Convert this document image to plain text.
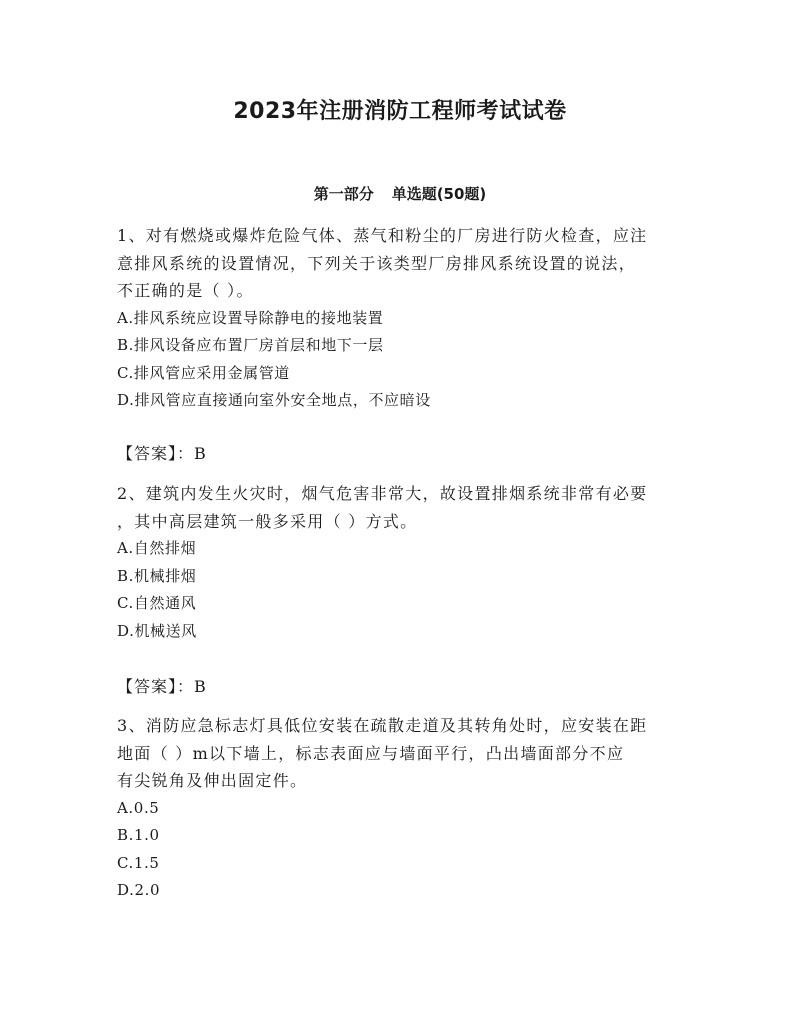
2023年注册消防工程师考试试卷
第一部分 单选题(50题)
1、对有燃烧或爆炸危险气体、蒸气和粉尘的厂房进行防火检查，应注
意排风系统的设置情况，下列关于该类型厂房排风系统设置的说法，
不正确的是（ ）。
A.排风系统应设置导除静电的接地装置
B.排风设备应布置厂房首层和地下一层
C.排风管应采用金属管道
D.排风管应直接通向室外安全地点，不应暗设
【答案】：B
2、建筑内发生火灾时，烟气危害非常大，故设置排烟系统非常有必要
，其中高层建筑一般多采用（ ）方式。
A.自然排烟
B.机械排烟
C.自然通风
D.机械送风
【答案】：B
3、消防应急标志灯具低位安装在疏散走道及其转角处时，应安装在距
地面（ ）m以下墙上，标志表面应与墙面平行，凸出墙面部分不应
有尖锐角及伸出固定件。
A.0.5
B.1.0
C.1.5
D.2.0
